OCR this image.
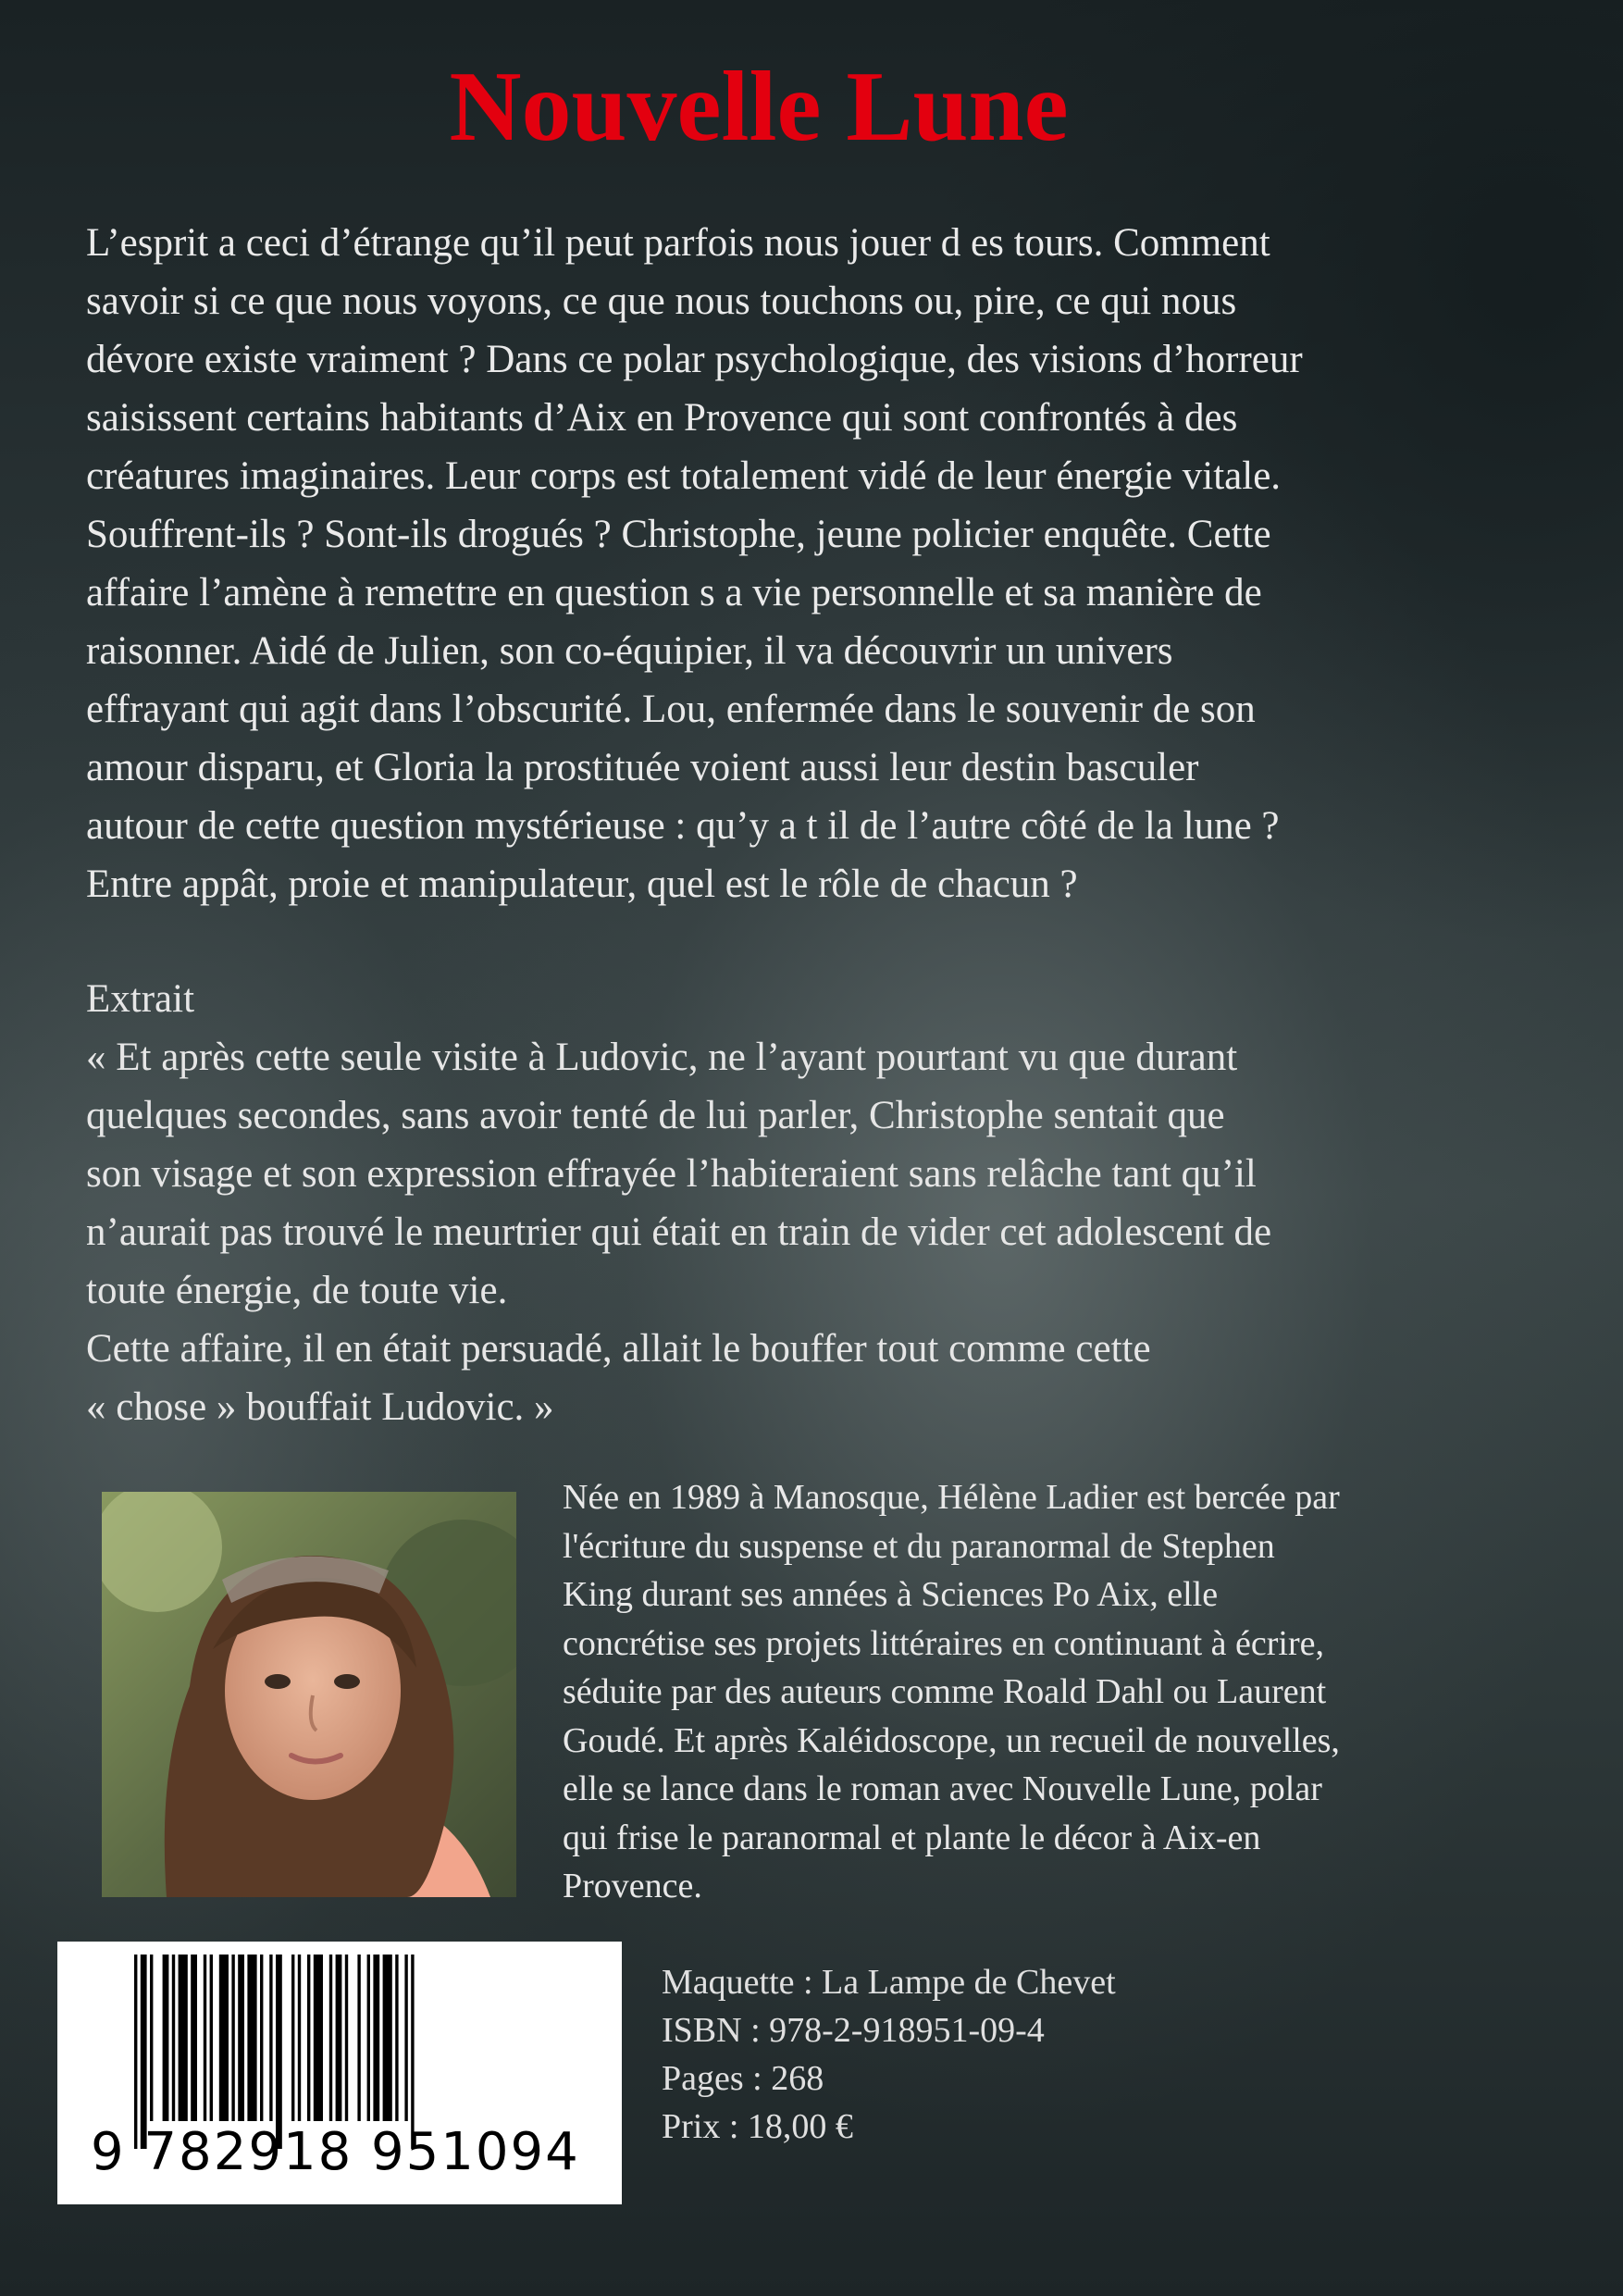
Nouvelle Lune
L’esprit a ceci d’étrange qu’il peut parfois nous jouer d es tours. Comment
savoir si ce que nous voyons, ce que nous touchons ou, pire, ce qui nous
dévore existe vraiment ? Dans ce polar psychologique, des visions d’horreur
saisissent certains habitants d’Aix en Provence qui sont confrontés à des
créatures imaginaires. Leur corps est totalement vidé de leur énergie vitale.
Souffrent-ils ? Sont-ils drogués ? Christophe, jeune policier enquête. Cette
affaire l’amène à remettre en question s a vie personnelle et sa manière de
raisonner. Aidé de Julien, son co-équipier, il va découvrir un univers
effrayant qui agit dans l’obscurité. Lou, enfermée dans le souvenir de son
amour disparu, et Gloria la prostituée voient aussi leur destin basculer
autour de cette question mystérieuse : qu’y a t il de l’autre côté de la lune ?
Entre appât, proie et manipulateur, quel est le rôle de chacun ?
Extrait
« Et après cette seule visite à Ludovic, ne l’ayant pourtant vu que durant
quelques secondes, sans avoir tenté de lui parler, Christophe sentait que
son visage et son expression effrayée l’habiteraient sans relâche tant qu’il
n’aurait pas trouvé le meurtrier qui était en train de vider cet adolescent de
toute énergie, de toute vie.
Cette affaire, il en était persuadé, allait le bouffer tout comme cette
« chose » bouffait Ludovic. »
Née en 1989 à Manosque, Hélène Ladier est bercée par
l'écriture du suspense et du paranormal de Stephen
King durant ses années à Sciences Po Aix, elle
concrétise ses projets littéraires en continuant à écrire,
séduite par des auteurs comme Roald Dahl ou Laurent
Goudé. Et après Kaléidoscope, un recueil de nouvelles,
elle se lance dans le roman avec Nouvelle Lune, polar
qui frise le paranormal et plante le décor à Aix-en
Provence.
9 782918 951094
Maquette : La Lampe de Chevet
ISBN : 978-2-918951-09-4
Pages : 268
Prix : 18,00 €
